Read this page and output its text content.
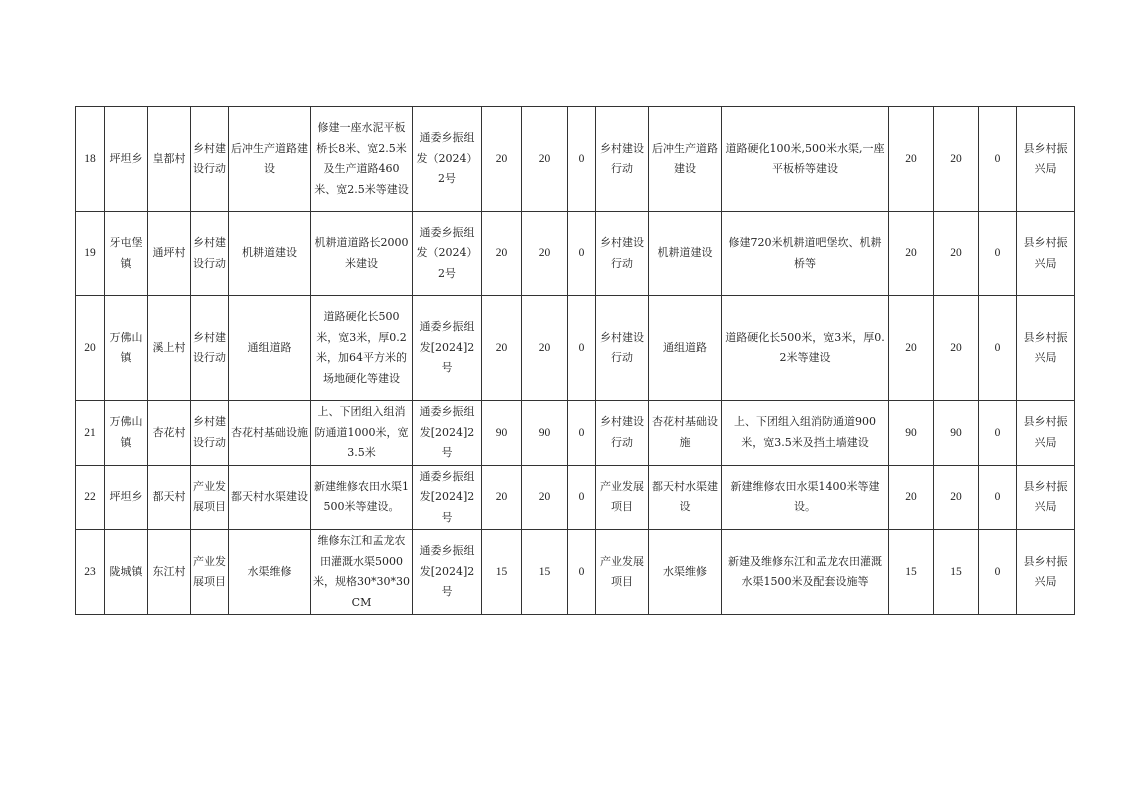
18	坪坦乡	皇都村	乡村建设行动	后冲生产道路建设	修建一座水泥平板桥长8米、宽2.5米及生产道路460米、宽2.5米等建设	通委乡振组发（2024）2号	20	20	0	乡村建设行动	后冲生产道路建设	道路硬化100米,500米水渠,一座平板桥等建设	20	20	0	县乡村振兴局
19	牙屯堡镇	通坪村	乡村建设行动	机耕道建设	机耕道道路长2000米建设	通委乡振组发（2024）2号	20	20	0	乡村建设行动	机耕道建设	修建720米机耕道吧堡坎、机耕桥等	20	20	0	县乡村振兴局
20	万佛山镇	溪上村	乡村建设行动	通组道路	道路硬化长500米，宽3米，厚0.2米，加64平方米的场地硬化等建设	通委乡振组发[2024]2号	20	20	0	乡村建设行动	通组道路	道路硬化长500米，宽3米，厚0.2米等建设	20	20	0	县乡村振兴局
21	万佛山镇	杏花村	乡村建设行动	杏花村基础设施	上、下团组入组消防通道1000米，宽3.5米	通委乡振组发[2024]2号	90	90	0	乡村建设行动	杏花村基础设施	上、下团组入组消防通道900米，宽3.5米及挡土墙建设	90	90	0	县乡村振兴局
22	坪坦乡	都天村	产业发展项目	都天村水渠建设	新建维修农田水渠1500米等建设。	通委乡振组发[2024]2号	20	20	0	产业发展项目	都天村水渠建设	新建维修农田水渠1400米等建设。	20	20	0	县乡村振兴局
23	陇城镇	东江村	产业发展项目	水渠维修	维修东江和孟龙农田灌溉水渠5000米，规格30*30*30CM	通委乡振组发[2024]2号	15	15	0	产业发展项目	水渠维修	新建及维修东江和孟龙农田灌溉水渠1500米及配套设施等	15	15	0	县乡村振兴局
